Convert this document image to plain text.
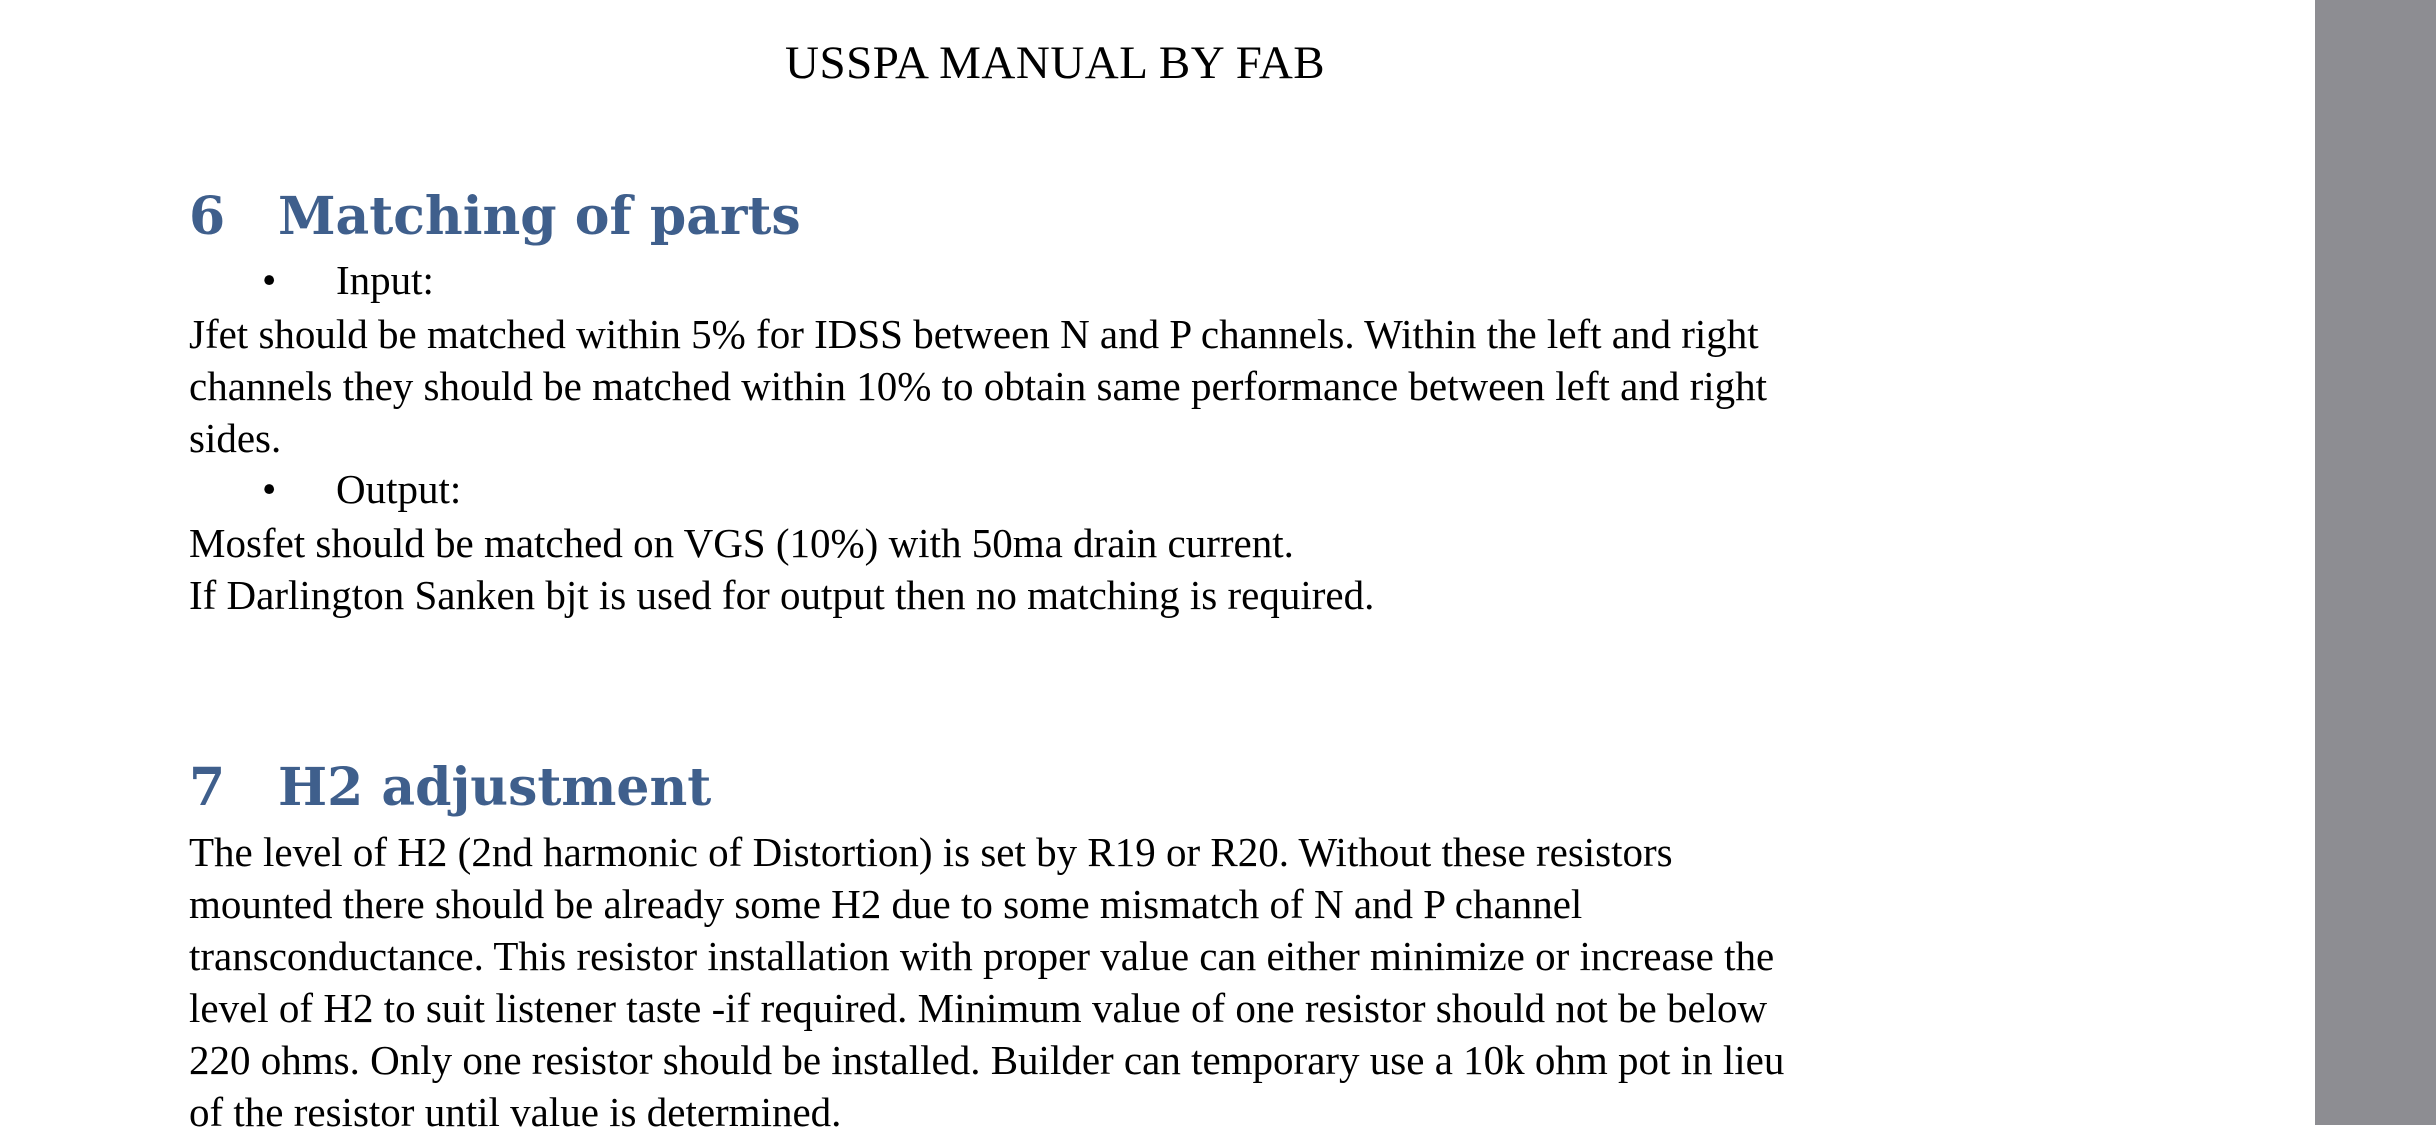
USSPA MANUAL BY FAB
6 Matching of parts
• Input:
Jfet should be matched within 5% for IDSS between N and P channels. Within the left and right
channels they should be matched within 10% to obtain same performance between left and right
sides.
• Output:
Mosfet should be matched on VGS (10%) with 50ma drain current.
If Darlington Sanken bjt is used for output then no matching is required.
7 H2 adjustment
The level of H2 (2nd harmonic of Distortion) is set by R19 or R20. Without these resistors
mounted there should be already some H2 due to some mismatch of N and P channel
transconductance. This resistor installation with proper value can either minimize or increase the
level of H2 to suit listener taste -if required. Minimum value of one resistor should not be below
220 ohms. Only one resistor should be installed. Builder can temporary use a 10k ohm pot in lieu
of the resistor until value is determined.
